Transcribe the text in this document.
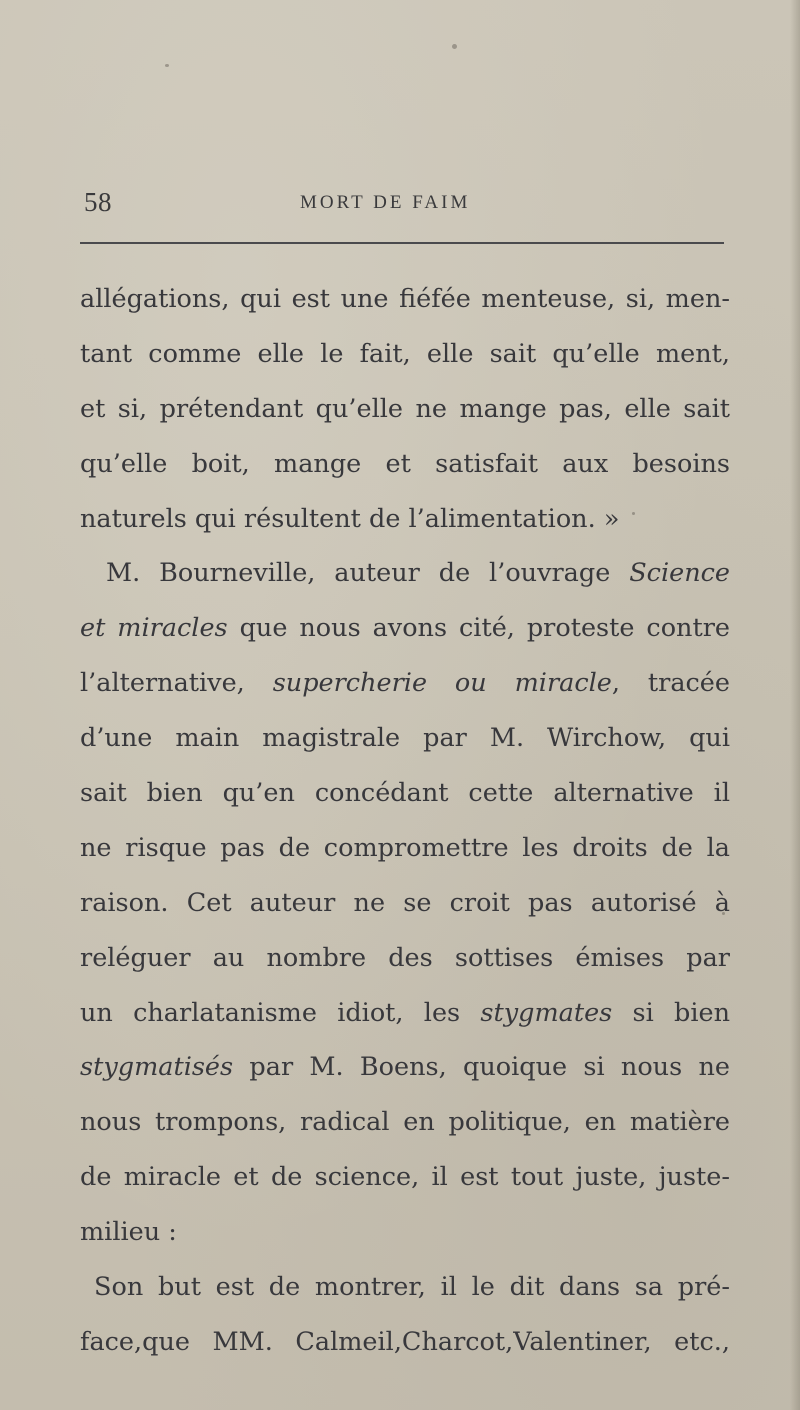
58	MORT DE FAIM
allégations, qui est une fiéfée menteuse, si, men-
tant comme elle le fait, elle sait qu’elle ment,
et si, prétendant qu’elle ne mange pas, elle sait
qu’elle boit, mange et satisfait aux besoins
naturels qui résultent de l’alimentation. »
M. Bourneville, auteur de l’ouvrage Science
et miracles que nous avons cité, proteste contre
l’alternative, supercherie ou miracle, tracée
d’une main magistrale par M. Wirchow, qui
sait bien qu’en concédant cette alternative il
ne risque pas de compromettre les droits de la
raison. Cet auteur ne se croit pas autorisé à
reléguer au nombre des sottises émises par
un charlatanisme idiot, les stygmates si bien
stygmatisés par M. Boens, quoique si nous ne
nous trompons, radical en politique, en matière
de miracle et de science, il est tout juste, juste-
milieu :
Son but est de montrer, il le dit dans sa pré-
face,que MM. Calmeil,Charcot,Valentiner, etc.,
